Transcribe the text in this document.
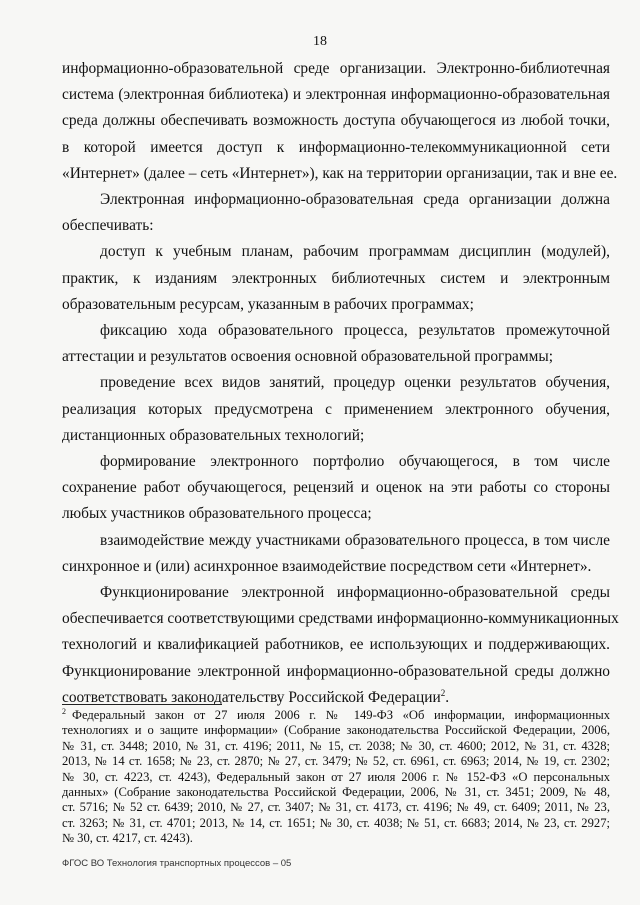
18
информационно-образовательной среде организации. Электронно-библиотечная
система (электронная библиотека) и электронная информационно-образовательная
среда должны обеспечивать возможность доступа обучающегося из любой точки,
в которой имеется доступ к информационно-телекоммуникационной сети
«Интернет» (далее – сеть «Интернет»), как на территории организации, так и вне ее.
Электронная информационно-образовательная среда организации должна
обеспечивать:
доступ к учебным планам, рабочим программам дисциплин (модулей),
практик, к изданиям электронных библиотечных систем и электронным
образовательным ресурсам, указанным в рабочих программах;
фиксацию хода образовательного процесса, результатов промежуточной
аттестации и результатов освоения основной образовательной программы;
проведение всех видов занятий, процедур оценки результатов обучения,
реализация которых предусмотрена с применением электронного обучения,
дистанционных образовательных технологий;
формирование электронного портфолио обучающегося, в том числе
сохранение работ обучающегося, рецензий и оценок на эти работы со стороны
любых участников образовательного процесса;
взаимодействие между участниками образовательного процесса, в том числе
синхронное и (или) асинхронное взаимодействие посредством сети «Интернет».
Функционирование электронной информационно-образовательной среды
обеспечивается соответствующими средствами информационно-коммуникационных
технологий и квалификацией работников, ее использующих и поддерживающих.
Функционирование электронной информационно-образовательной среды должно
соответствовать законодательству Российской Федерации$^2$.
$^2$ Федеральный закон от 27 июля 2006 г. № 149-ФЗ «Об информации, информационных
технологиях и о защите информации» (Собрание законодательства Российской Федерации, 2006,
№ 31, ст. 3448; 2010, № 31, ст. 4196; 2011, № 15, ст. 2038; № 30, ст. 4600; 2012, № 31, ст. 4328;
2013, № 14 ст. 1658; № 23, ст. 2870; № 27, ст. 3479; № 52, ст. 6961, ст. 6963; 2014, № 19, ст. 2302;
№ 30, ст. 4223, ст. 4243), Федеральный закон от 27 июля 2006 г. № 152-ФЗ «О персональных
данных» (Собрание законодательства Российской Федерации, 2006, № 31, ст. 3451; 2009, № 48,
ст. 5716; № 52 ст. 6439; 2010, № 27, ст. 3407; № 31, ст. 4173, ст. 4196; № 49, ст. 6409; 2011, № 23,
ст. 3263; № 31, ст. 4701; 2013, № 14, ст. 1651; № 30, ст. 4038; № 51, ст. 6683; 2014, № 23, ст. 2927;
№ 30, ст. 4217, ст. 4243).
ФГОС ВО Технология транспортных процессов – 05
